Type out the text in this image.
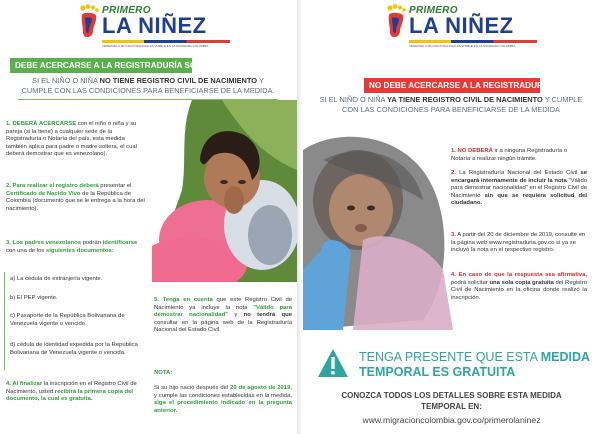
PRIMERO
LA NIÑEZ
VENEZUELA SIN NACIONALIDAD ES VISIBLE EN LA SOCIEDAD COLOMBIA
DEBE ACERCARSE A LA REGISTRADURÍA SOLO SÍ
SI EL NIÑO O NIÑA NO TIENE REGISTRO CIVIL DE NACIMIENTO Y CUMPLE CON LAS CONDICIONES PARA BENEFICIARSE DE LA MEDIDA.
1. DEBERÁ ACERCARSE con el niño o niña y su pareja (si la tiene) a cualquier sede de la Registraduría o Notaría del país, esta medida también aplica para padre o madre soltera, el cual deberá demostrar que es venezolano).
2. Para realizar el registro deberá presentar el Certificado de Nacido Vivo de la República de Colombia (documento que se le entrega a la hora del nacimiento).
3. Los padres venezolanos podrán identificarse con una de los siguientes documentos:
a) La cédula de extranjería vigente.
b) El PEP vigente.
c) Pasaporte de la República Bolivariana de Venezuela vigente o vencido.
d) cédula de identidad expedida por la República Bolivariana de Venezuela vigente o vencida.
4. Al finalizar la inscripción en el Registro Civil de Nacimiento, usted recibirá la primera copia del documento, la cual es gratuita.
5. Tenga en cuenta que este Registro Civil de Nacimiento ya incluye la nota "Válido para demostrar nacionalidad" y no tendrá que consultar en la página web de la Registraduría Nacional del Estado Civil.
NOTA:
Si su hijo nació después del 20 de agosto de 2019, y cumple las condiciones establecidas en la medida, siga el procedimiento indicado en la pregunta anterior.
PRIMERO
LA NIÑEZ
VENEZUELA SIN NACIONALIDAD ES VISIBLE EN LA SOCIEDAD COLOMBIA
NO DEBE ACERCARSE A LA REGISTRADURÍA
SI EL NIÑO O NIÑA YA TIENE REGISTRO CIVIL DE NACIMIENTO Y CUMPLE CON LAS CONDICIONES PARA BENEFICIARSE DE LA MEDIDA
1. NO DEBERÁ ir a ninguna Registraduría o Notaría a realizar ningún trámite.
2. La Registraduría Nacional del Estado Civil se encargará internamente de incluir la nota "Válido para demostrar nacionalidad" en el Registro Civil de Nacimiento sin que se requiera solicitud del ciudadano.
3. A partir del 20 de diciembre de 2019, consulte en la página web www.registraduria.gov.co si ya se incluyó la nota en el respectivo registro.
4. En caso de que la respuesta sea afirmativa, podrá solicitar una sola copia gratuita del Registro Civil de Nacimiento en la oficina donde realizó la inscripción.
TENGA PRESENTE QUE ESTA MEDIDA
TEMPORAL ES GRATUITA
CONOZCA TODOS LOS DETALLES SOBRE ESTA MEDIDA TEMPORAL EN:
www.migracioncolombia.gov.co/primerolaninez
